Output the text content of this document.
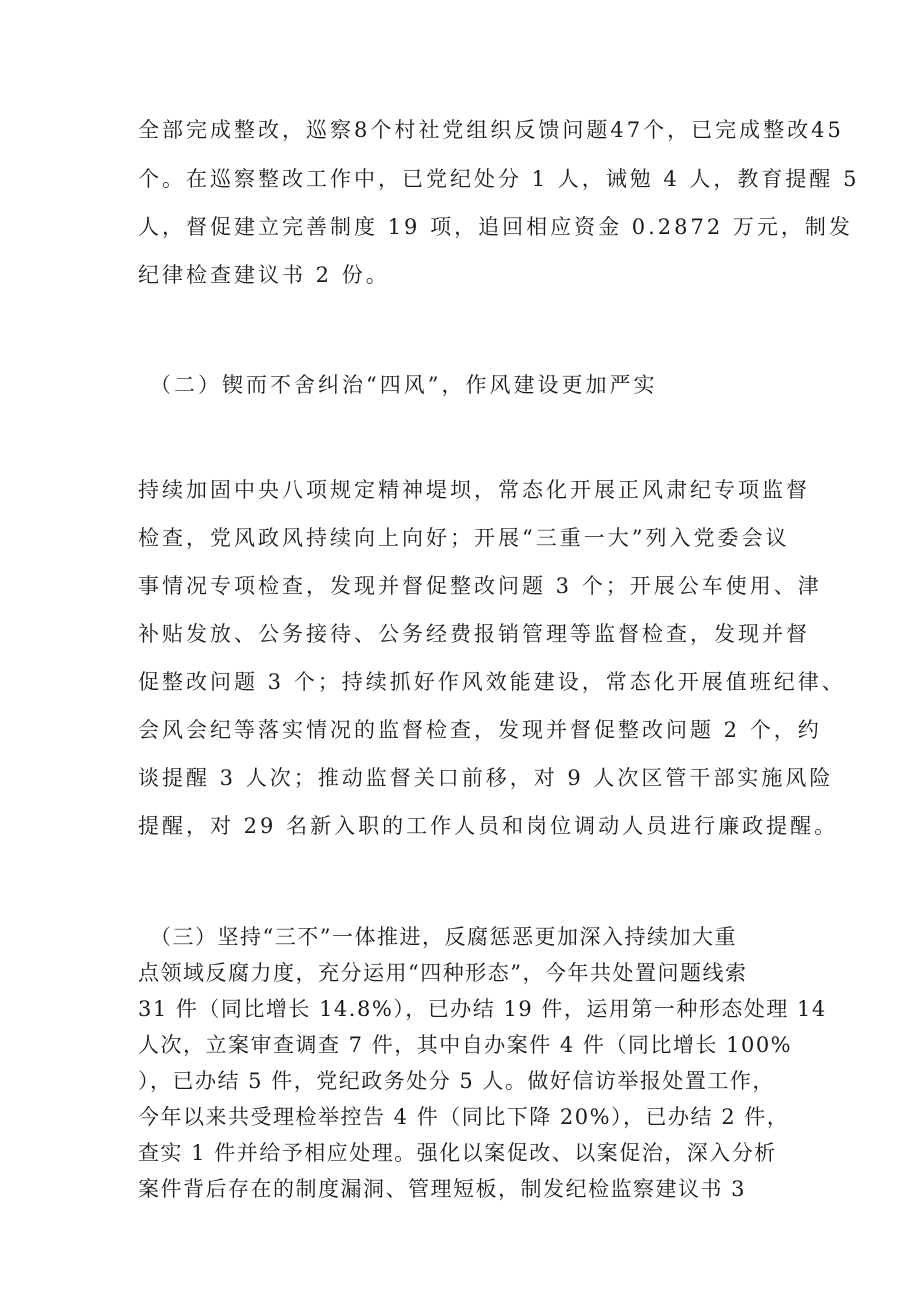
全部完成整改，巡察8个村社党组织反馈问题47个，已完成整改45
个。在巡察整改工作中，已党纪处分 1 人，诫勉 4 人，教育提醒 5
人，督促建立完善制度 19 项，追回相应资金 0.2872 万元，制发
纪律检查建议书 2 份。
（二）锲而不舍纠治“四风”，作风建设更加严实
持续加固中央八项规定精神堤坝，常态化开展正风肃纪专项监督
检查，党风政风持续向上向好；开展“三重一大”列入党委会议
事情况专项检查，发现并督促整改问题 3 个；开展公车使用、津
补贴发放、公务接待、公务经费报销管理等监督检查，发现并督
促整改问题 3 个；持续抓好作风效能建设，常态化开展值班纪律、
会风会纪等落实情况的监督检查，发现并督促整改问题 2 个，约
谈提醒 3 人次；推动监督关口前移，对 9 人次区管干部实施风险
提醒，对 29 名新入职的工作人员和岗位调动人员进行廉政提醒。
（三）坚持“三不”一体推进，反腐惩恶更加深入持续加大重
点领域反腐力度，充分运用“四种形态”，今年共处置问题线索
31 件（同比增长 14.8%），已办结 19 件，运用第一种形态处理 14
人次，立案审查调查 7 件，其中自办案件 4 件（同比增长 100%
），已办结 5 件，党纪政务处分 5 人。做好信访举报处置工作，
今年以来共受理检举控告 4 件（同比下降 20%），已办结 2 件，
查实 1 件并给予相应处理。强化以案促改、以案促治，深入分析
案件背后存在的制度漏洞、管理短板，制发纪检监察建议书 3
